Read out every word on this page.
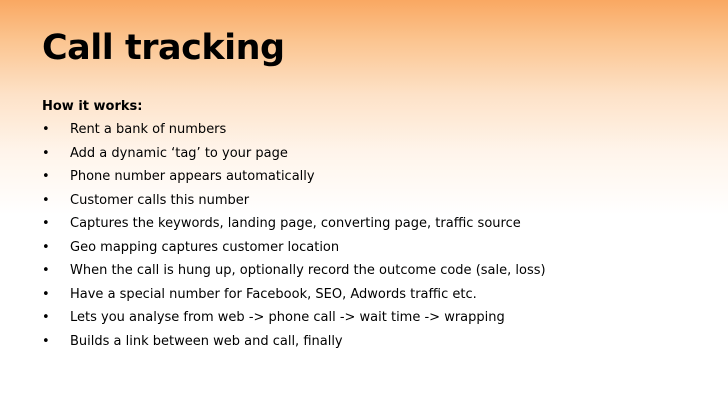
Call tracking
How it works:
• Rent a bank of numbers
• Add a dynamic ‘tag’ to your page
• Phone number appears automatically
• Customer calls this number
• Captures the keywords, landing page, converting page, traffic source
• Geo mapping captures customer location
• When the call is hung up, optionally record the outcome code (sale, loss)
• Have a special number for Facebook, SEO, Adwords traffic etc.
• Lets you analyse from web -> phone call -> wait time -> wrapping
• Builds a link between web and call, finally
